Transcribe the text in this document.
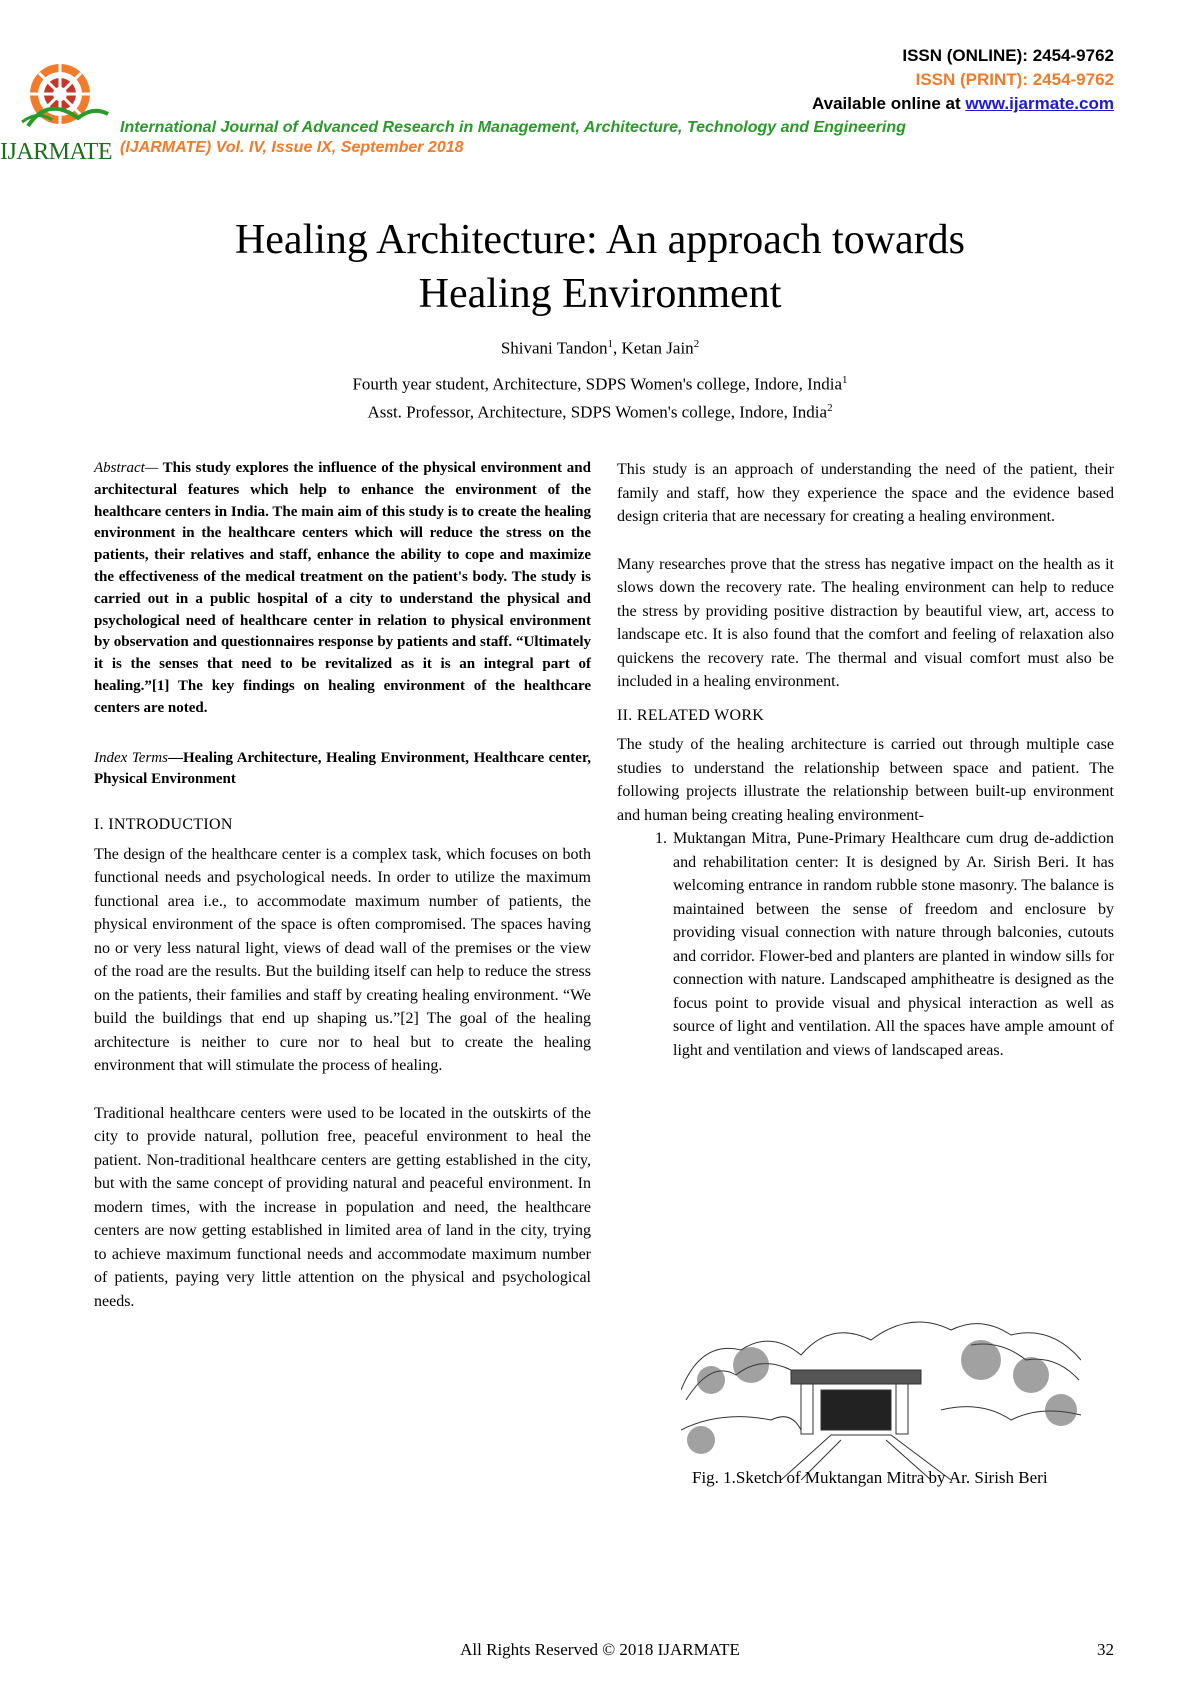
ISSN (ONLINE): 2454-9762
ISSN (PRINT): 2454-9762
Available online at www.ijarmate.com
IJARMATE
International Journal of Advanced Research in Management, Architecture, Technology and Engineering
(IJARMATE) Vol. IV, Issue IX, September 2018
Healing Architecture: An approach towards
Healing Environment
Shivani Tandon$^1$, Ketan Jain$^2$
Fourth year student, Architecture, SDPS Women's college, Indore, India$^1$
Asst. Professor, Architecture, SDPS Women's college, Indore, India$^2$

Abstract— This study explores the influence of the physical environment and architectural features which help to enhance the environment of the healthcare centers in India. The main aim of this study is to create the healing environment in the healthcare centers which will reduce the stress on the patients, their relatives and staff, enhance the ability to cope and maximize the effectiveness of the medical treatment on the patient's body. The study is carried out in a public hospital of a city to understand the physical and psychological need of healthcare center in relation to physical environment by observation and questionnaires response by patients and staff. “Ultimately it is the senses that need to be revitalized as it is an integral part of healing.”[1] The key findings on healing environment of the healthcare centers are noted.

Index Terms—Healing Architecture, Healing Environment, Healthcare center, Physical Environment

I. INTRODUCTION

The design of the healthcare center is a complex task, which focuses on both functional needs and psychological needs. In order to utilize the maximum functional area i.e., to accommodate maximum number of patients, the physical environment of the space is often compromised. The spaces having no or very less natural light, views of dead wall of the premises or the view of the road are the results. But the building itself can help to reduce the stress on the patients, their families and staff by creating healing environment. “We build the buildings that end up shaping us.”[2] The goal of the healing architecture is neither to cure nor to heal but to create the healing environment that will stimulate the process of healing.

Traditional healthcare centers were used to be located in the outskirts of the city to provide natural, pollution free, peaceful environment to heal the patient. Non-traditional healthcare centers are getting established in the city, but with the same concept of providing natural and peaceful environment. In modern times, with the increase in population and need, the healthcare centers are now getting established in limited area of land in the city, trying to achieve maximum functional needs and accommodate maximum number of patients, paying very little attention on the physical and psychological needs.

This study is an approach of understanding the need of the patient, their family and staff, how they experience the space and the evidence based design criteria that are necessary for creating a healing environment.

Many researches prove that the stress has negative impact on the health as it slows down the recovery rate. The healing environment can help to reduce the stress by providing positive distraction by beautiful view, art, access to landscape etc. It is also found that the comfort and feeling of relaxation also quickens the recovery rate. The thermal and visual comfort must also be included in a healing environment.

II. RELATED WORK

The study of the healing architecture is carried out through multiple case studies to understand the relationship between space and patient. The following projects illustrate the relationship between built-up environment and human being creating healing environment-

1. Muktangan Mitra, Pune-Primary Healthcare cum drug de-addiction and rehabilitation center: It is designed by Ar. Sirish Beri. It has welcoming entrance in random rubble stone masonry. The balance is maintained between the sense of freedom and enclosure by providing visual connection with nature through balconies, cutouts and corridor. Flower-bed and planters are planted in window sills for connection with nature. Landscaped amphitheatre is designed as the focus point to provide visual and physical interaction as well as source of light and ventilation. All the spaces have ample amount of light and ventilation and views of landscaped areas.

Fig. 1.Sketch of Muktangan Mitra by Ar. Sirish Beri
All Rights Reserved © 2018 IJARMATE	32
